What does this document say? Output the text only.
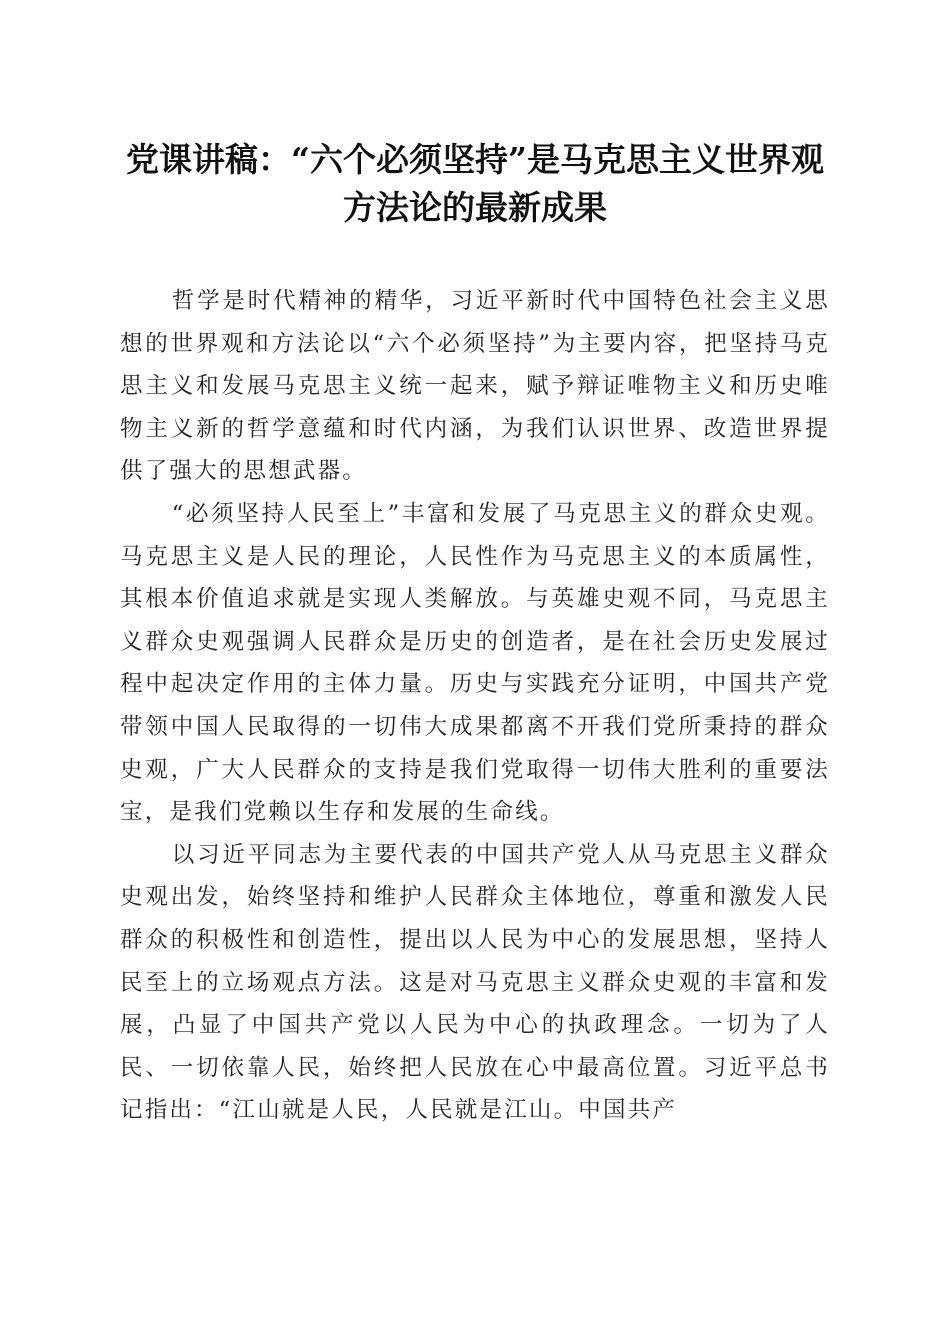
党课讲稿：“六个必须坚持”是马克思主义世界观方法论的最新成果

哲学是时代精神的精华，习近平新时代中国特色社会主义思想的世界观和方法论以“六个必须坚持”为主要内容，把坚持马克思主义和发展马克思主义统一起来，赋予辩证唯物主义和历史唯物主义新的哲学意蕴和时代内涵，为我们认识世界、改造世界提供了强大的思想武器。

“必须坚持人民至上”丰富和发展了马克思主义的群众史观。马克思主义是人民的理论，人民性作为马克思主义的本质属性，其根本价值追求就是实现人类解放。与英雄史观不同，马克思主义群众史观强调人民群众是历史的创造者，是在社会历史发展过程中起决定作用的主体力量。历史与实践充分证明，中国共产党带领中国人民取得的一切伟大成果都离不开我们党所秉持的群众史观，广大人民群众的支持是我们党取得一切伟大胜利的重要法宝，是我们党赖以生存和发展的生命线。

以习近平同志为主要代表的中国共产党人从马克思主义群众史观出发，始终坚持和维护人民群众主体地位，尊重和激发人民群众的积极性和创造性，提出以人民为中心的发展思想，坚持人民至上的立场观点方法。这是对马克思主义群众史观的丰富和发展，凸显了中国共产党以人民为中心的执政理念。一切为了人民、一切依靠人民，始终把人民放在心中最高位置。习近平总书记指出：“江山就是人民，人民就是江山。中国共产
